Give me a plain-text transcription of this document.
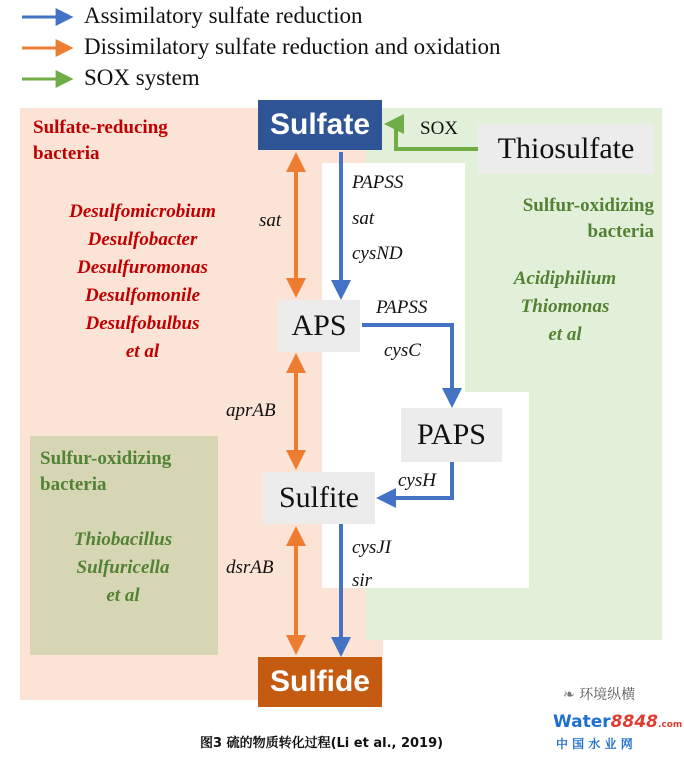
Assimilatory sulfate reduction
Dissimilatory sulfate reduction and oxidation
SOX system
Sulfate-reducing
bacteria
Desulfomicrobium
Desulfobacter
Desulfuromonas
Desulfomonile
Desulfobulbus
et al
Sulfur-oxidizing
bacteria
Acidiphilium
Thiomonas
et al
Sulfur-oxidizing
bacteria
Thiobacillus
Sulfuricella
et al
Sulfate
Thiosulfate
APS
PAPS
Sulfite
Sulfide
SOX
sat
PAPSS
sat
cysND
PAPSS
cysC
aprAB
cysH
dsrAB
cysJI
sir
图3 硫的物质转化过程(Li et al., 2019)
❧ 环境纵横
Water8848.com
中 国 水 业 网
